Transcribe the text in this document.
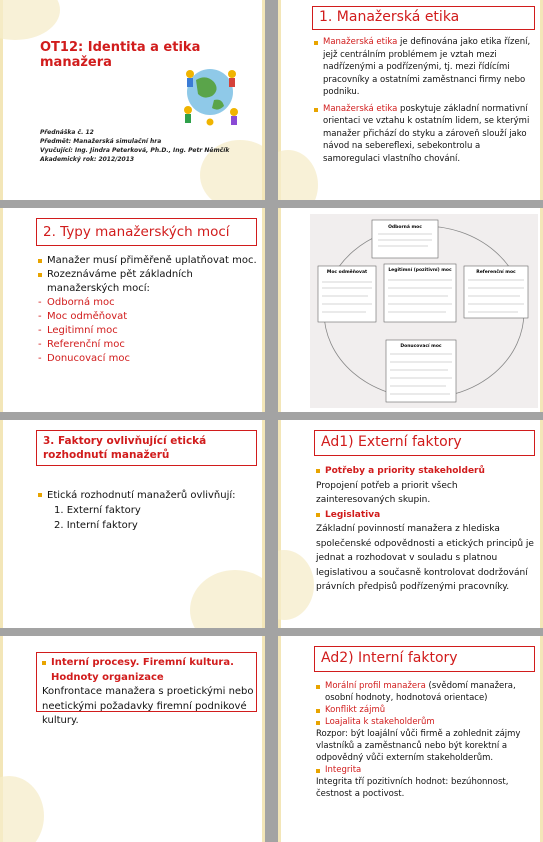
OT12: Identita a etika manažera
Přednáška č. 12
Předmět: Manažerská simulační hra
Vyučující: Ing. Jindra Peterková, Ph.D., Ing. Petr Němčík
Akademický rok: 2012/2013
1. Manažerská etika
Manažerská etika je definována jako etika řízení, jejž centrálním problémem je vztah mezi nadřízenými a podřízenými, tj. mezi řídícími pracovníky a ostatními zaměstnanci firmy nebo podniku.
Manažerská etika poskytuje základní normativní orientaci ve vztahu k ostatním lidem, se kterými manažer přichází do styku a zároveň slouží jako návod na sebereflexi, sebekontrolu a samoregulaci vlastního chování.
2. Typy manažerských mocí
Manažer musí přiměřeně uplatňovat moc.
Rozeznáváme pět základních manažerských mocí:
- Odborná moc
- Moc odměňovat
- Legitimní moc
- Referenční moc
- Donucovací moc
Odborná moc
Moc odměňovat	Legitimní (pozitivní) moc	Referenční moc
Donucovací moc
3. Faktory ovlivňující etická rozhodnutí manažerů
Etická rozhodnutí manažerů ovlivňují:
1. Externí faktory
2. Interní faktory
Ad1) Externí faktory
Potřeby a priority stakeholderů
Propojení potřeb a priorit všech zainteresovaných skupin.
Legislativa
Základní povinností manažera z hlediska společenské odpovědnosti a etických principů je jednat a rozhodovat v souladu s platnou legislativou a současně kontrolovat dodržování právních předpisů podřízenými pracovníky.
Interní procesy. Firemní kultura. Hodnoty organizace
Konfrontace manažera s proetickými nebo neetickými požadavky firemní podnikové kultury.
Ad2) Interní faktory
Morální profil manažera (svědomí manažera, osobní hodnoty, hodnotová orientace)
Konflikt zájmů
Loajalita k stakeholderům
Rozpor: být loajální vůči firmě a zohlednit zájmy vlastníků a zaměstnanců nebo být korektní a odpovědný vůči externím stakeholderům.
Integrita
Integrita tří pozitivních hodnot: bezúhonnost, čestnost a poctivost.
